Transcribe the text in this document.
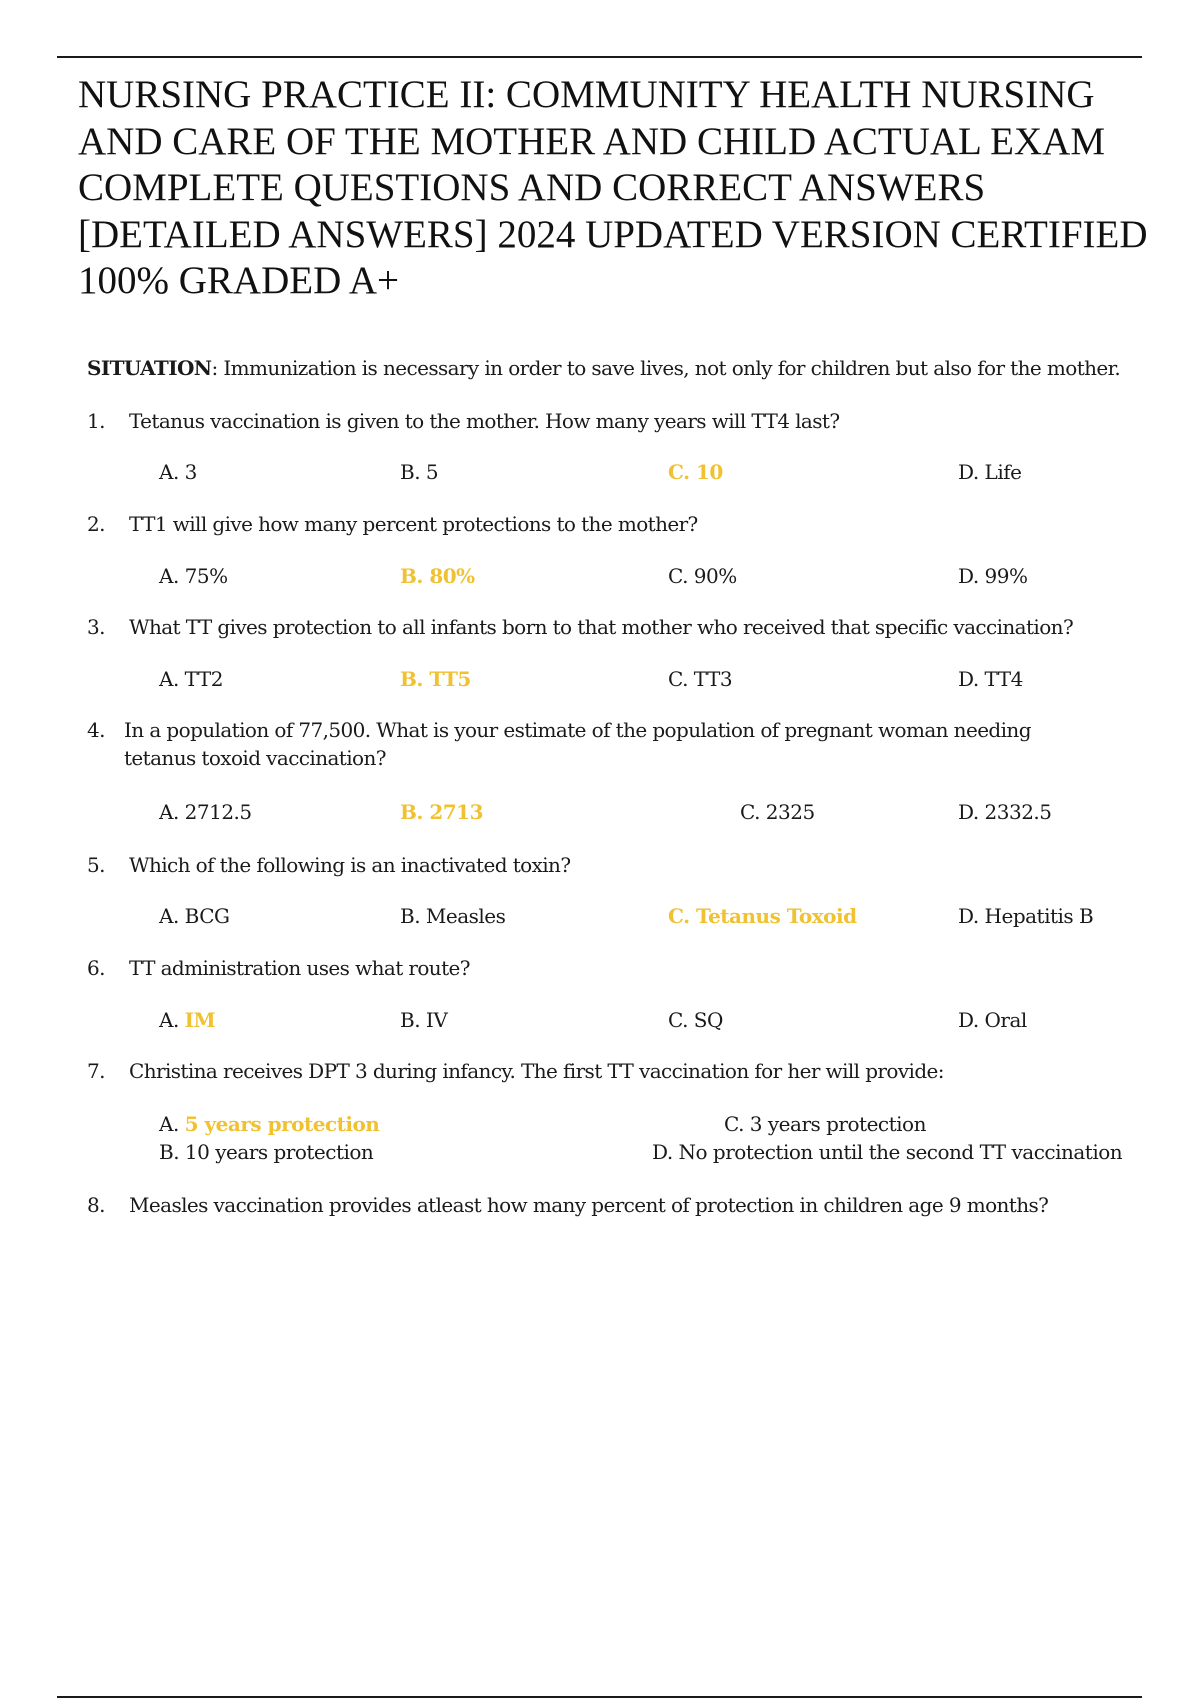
NURSING PRACTICE II: COMMUNITY HEALTH NURSING
AND CARE OF THE MOTHER AND CHILD ACTUAL EXAM
COMPLETE QUESTIONS AND CORRECT ANSWERS
[DETAILED ANSWERS] 2024 UPDATED VERSION CERTIFIED
100% GRADED A+
SITUATION: Immunization is necessary in order to save lives, not only for children but also for the mother.
1. Tetanus vaccination is given to the mother. How many years will TT4 last?
A. 3	B. 5	C. 10	D. Life
2. TT1 will give how many percent protections to the mother?
A. 75%	B. 80%	C. 90%	D. 99%
3. What TT gives protection to all infants born to that mother who received that specific vaccination?
A. TT2	B. TT5	C. TT3	D. TT4
4. In a population of 77,500. What is your estimate of the population of pregnant woman needing
tetanus toxoid vaccination?
A. 2712.5	B. 2713	C. 2325	D. 2332.5
5. Which of the following is an inactivated toxin?
A. BCG	B. Measles	C. Tetanus Toxoid	D. Hepatitis B
6. TT administration uses what route?
A. IM	B. IV	C. SQ	D. Oral
7. Christina receives DPT 3 during infancy. The first TT vaccination for her will provide:
A. 5 years protection
B. 10 years protection
C. 3 years protection
D. No protection until the second TT vaccination
8. Measles vaccination provides atleast how many percent of protection in children age 9 months?
